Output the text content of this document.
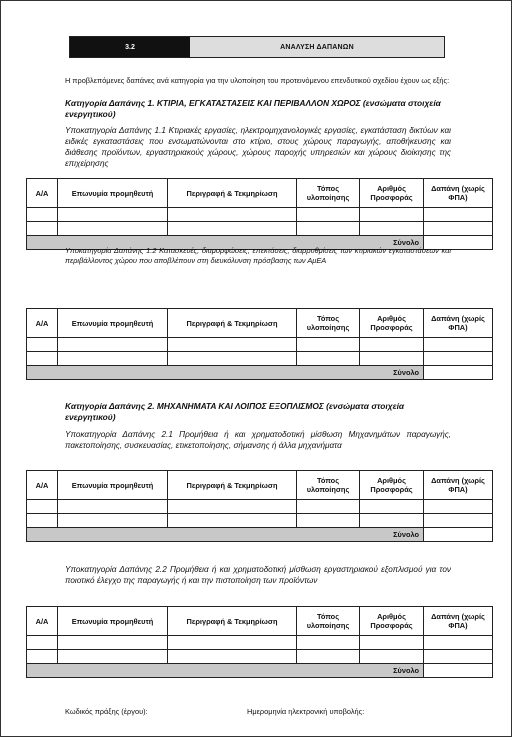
3.2	ΑΝΑΛΥΣΗ ΔΑΠΑΝΩΝ
Η προβλεπόμενες δαπάνες ανά κατηγορία για την υλοποίηση του προτεινόμενου επενδυτικού σχεδίου έχουν ως εξής:
Κατηγορία Δαπάνης 1. ΚΤΙΡΙΑ, ΕΓΚΑΤΑΣΤΑΣΕΙΣ ΚΑΙ ΠΕΡΙΒΑΛΛΟΝ ΧΩΡΟΣ (ενσώματα στοιχεία ενεργητικού)
Υποκατηγορία Δαπάνης 1.1 Κτιριακές εργασίες, ηλεκτρομηχανολογικές εργασίες, εγκατάσταση δικτύων και ειδικές εγκαταστάσεις που ενσωματώνονται στο κτίριο, στους χώρους παραγωγής, αποθήκευσης και διάθεσης προϊόντων, εργαστηριακούς χώρους, χώρους παροχής υπηρεσιών και χώρους διοίκησης της επιχείρησης
Α/Α	Επωνυμία προμηθευτή	Περιγραφή & Τεκμηρίωση	Τόπος υλοποίησης	Αριθμός Προσφοράς	Δαπάνη (χωρίς ΦΠΑ)

Σύνολο					
Υποκατηγορία Δαπάνης 1.2 Κατασκευές, διαμορφώσεις, επεκτάσεις, διαρρυθμίσεις των κτιριακών εγκαταστάσεων και περιβάλλοντος χώρου που αποβλέπουν στη διευκόλυνση πρόσβασης των ΑμΕΑ
Α/Α	Επωνυμία προμηθευτή	Περιγραφή & Τεκμηρίωση	Τόπος υλοποίησης	Αριθμός Προσφοράς	Δαπάνη (χωρίς ΦΠΑ)

Σύνολο					
Κατηγορία Δαπάνης 2. ΜΗΧΑΝΗΜΑΤΑ ΚΑΙ ΛΟΙΠΟΣ ΕΞΟΠΛΙΣΜΟΣ (ενσώματα στοιχεία ενεργητικού)
Υποκατηγορία Δαπάνης 2.1 Προμήθεια ή και χρηματοδοτική μίσθωση Μηχανημάτων παραγωγής, πακετοποίησης, συσκευασίας, ετικετοποίησης, σήμανσης ή άλλα μηχανήματα
Α/Α	Επωνυμία προμηθευτή	Περιγραφή & Τεκμηρίωση	Τόπος υλοποίησης	Αριθμός Προσφοράς	Δαπάνη (χωρίς ΦΠΑ)

Σύνολο					
Υποκατηγορία Δαπάνης 2.2 Προμήθεια ή και χρηματοδοτική μίσθωση εργαστηριακού εξοπλισμού για τον ποιοτικό έλεγχο της παραγωγής ή και την πιστοποίηση των προϊόντων
Α/Α	Επωνυμία προμηθευτή	Περιγραφή & Τεκμηρίωση	Τόπος υλοποίησης	Αριθμός Προσφοράς	Δαπάνη (χωρίς ΦΠΑ)

Σύνολο					
Κωδικός πράξης (έργου):	Ημερομηνία ηλεκτρονική υποβολής:
